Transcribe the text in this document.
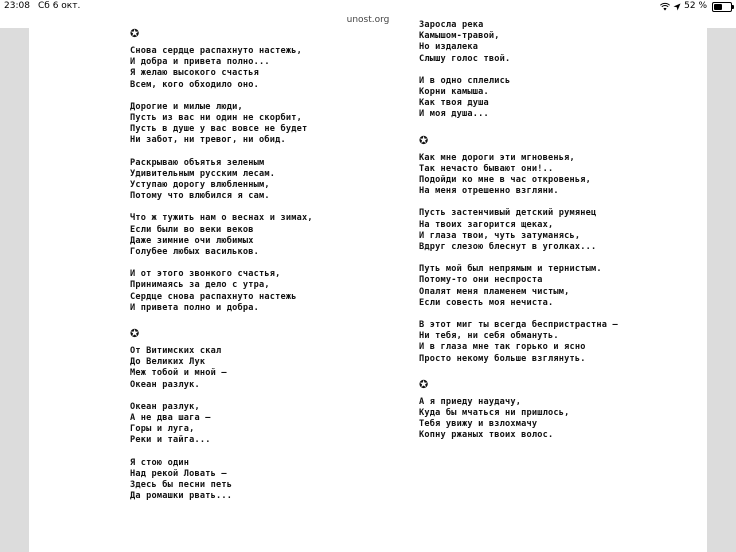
23:08 Сб 6 окт.	52 %
unost.org
✪
Снова сердце распахнуто настежь,
И добра и привета полно...
Я желаю высокого счастья
Всем, кого обходило оно.
Дорогие и милые люди,
Пусть из вас ни один не скорбит,
Пусть в душе у вас вовсе не будет
Ни забот, ни тревог, ни обид.
Раскрываю объятья зеленым
Удивительным русским лесам.
Уступаю дорогу влюбленным,
Потому что влюбился я сам.
Что ж тужить нам о веснах и зимах,
Если были во веки веков
Даже зимние очи любимых
Голубее любых васильков.
И от этого звонкого счастья,
Принимаясь за дело с утра,
Сердце снова распахнуто настежь
И привета полно и добра.
✪
От Витимских скал
До Великих Лук
Меж тобой и мной —
Океан разлук.
Океан разлук,
А не два шага —
Горы и луга,
Реки и тайга...
Я стою один
Над рекой Ловать —
Здесь бы песни петь
Да ромашки рвать...
Заросла река
Камышом-травой,
Но издалека
Слышу голос твой.
И в одно сплелись
Корни камыша.
Как твоя душа
И моя душа...
✪
Как мне дороги эти мгновенья,
Так нечасто бывают они!..
Подойди ко мне в час откровенья,
На меня отрешенно взгляни.
Пусть застенчивый детский румянец
На твоих загорится щеках,
И глаза твои, чуть затуманясь,
Вдруг слезою блеснут в уголках...
Путь мой был непрямым и тернистым.
Потому-то они неспроста
Опалят меня пламенем чистым,
Если совесть моя нечиста.
В этот миг ты всегда беспристрастна —
Ни тебя, ни себя обманyть.
И в глаза мне так горько и ясно
Просто некому больше взглянуть.
✪
А я приеду наудачу,
Куда бы мчаться ни пришлось,
Тебя увижу и взлохмачу
Копну ржаных твоих волос.
